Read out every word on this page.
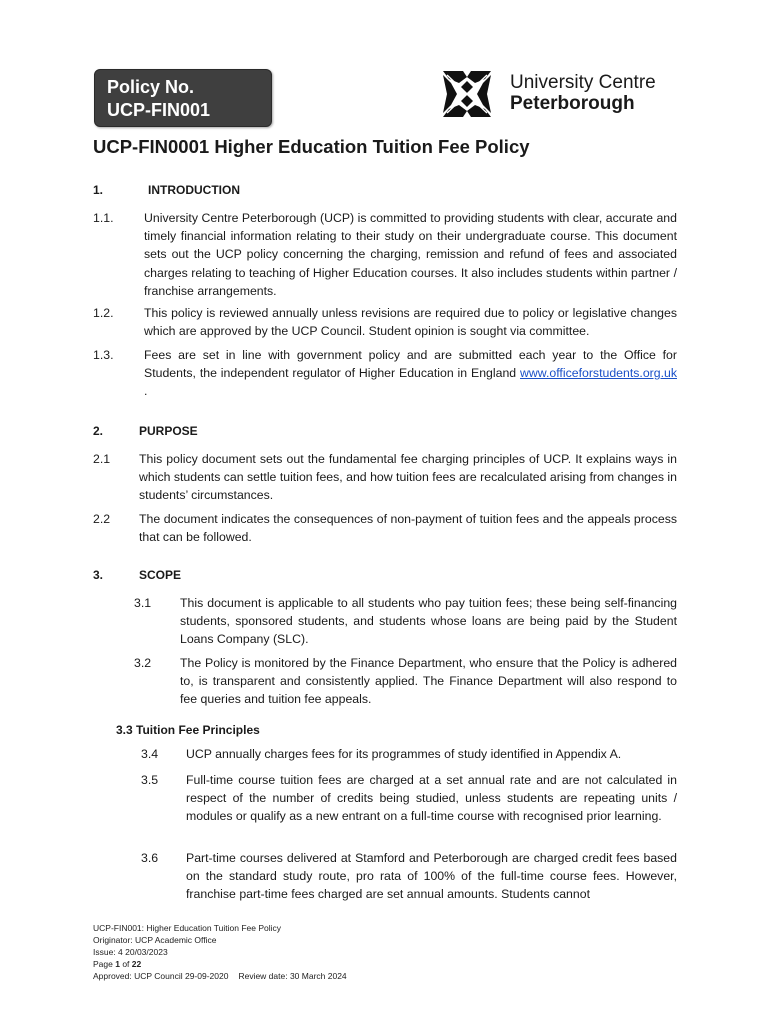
Policy No.
UCP-FIN001
University Centre
Peterborough
UCP-FIN0001 Higher Education Tuition Fee Policy
1.	INTRODUCTION
1.1. University Centre Peterborough (UCP) is committed to providing students with clear, accurate and timely financial information relating to their study on their undergraduate course. This document sets out the UCP policy concerning the charging, remission and refund of fees and associated charges relating to teaching of Higher Education courses. It also includes students within partner / franchise arrangements.
1.2. This policy is reviewed annually unless revisions are required due to policy or legislative changes which are approved by the UCP Council. Student opinion is sought via committee.
1.3. Fees are set in line with government policy and are submitted each year to the Office for Students, the independent regulator of Higher Education in England www.officeforstudents.org.uk .
2.	PURPOSE
2.1 This policy document sets out the fundamental fee charging principles of UCP. It explains ways in which students can settle tuition fees, and how tuition fees are recalculated arising from changes in students’ circumstances.
2.2 The document indicates the consequences of non-payment of tuition fees and the appeals process that can be followed.
3.	SCOPE
3.1 This document is applicable to all students who pay tuition fees; these being self-financing students, sponsored students, and students whose loans are being paid by the Student Loans Company (SLC).
3.2 The Policy is monitored by the Finance Department, who ensure that the Policy is adhered to, is transparent and consistently applied. The Finance Department will also respond to fee queries and tuition fee appeals.
3.3 Tuition Fee Principles
3.4 UCP annually charges fees for its programmes of study identified in Appendix A.
3.5 Full-time course tuition fees are charged at a set annual rate and are not calculated in respect of the number of credits being studied, unless students are repeating units / modules or qualify as a new entrant on a full-time course with recognised prior learning.
3.6 Part-time courses delivered at Stamford and Peterborough are charged credit fees based on the standard study route, pro rata of 100% of the full-time course fees. However, franchise part-time fees charged are set annual amounts. Students cannot
UCP-FIN001: Higher Education Tuition Fee Policy
Originator: UCP Academic Office
Issue: 4 20/03/2023
Page 1 of 22
Approved: UCP Council 29-09-2020 Review date: 30 March 2024
